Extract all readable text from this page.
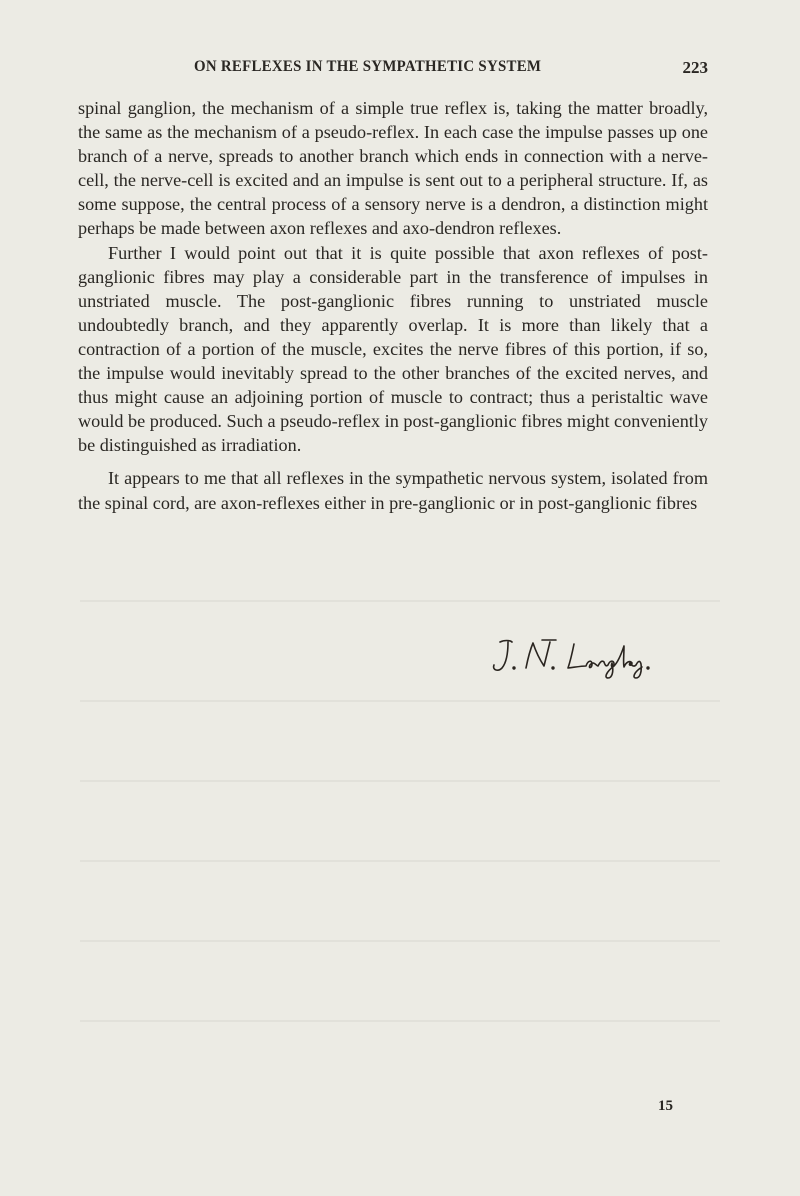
ON REFLEXES IN THE SYMPATHETIC SYSTEM	223

spinal ganglion, the mechanism of a simple true reflex is, taking the matter broadly, the same as the mechanism of a pseudo-reflex. In each case the impulse passes up one branch of a nerve, spreads to another branch which ends in connection with a nerve-cell, the nerve-cell is excited and an impulse is sent out to a peripheral structure. If, as some suppose, the central process of a sensory nerve is a dendron, a distinction might perhaps be made between axon reflexes and axo-dendron reflexes.

Further I would point out that it is quite possible that axon reflexes of post-ganglionic fibres may play a considerable part in the transference of impulses in unstriated muscle. The post-ganglionic fibres running to unstriated muscle undoubtedly branch, and they apparently overlap. It is more than likely that a contraction of a portion of the muscle, excites the nerve fibres of this portion, if so, the impulse would inevitably spread to the other branches of the excited nerves, and thus might cause an adjoining portion of muscle to contract; thus a peristaltic wave would be produced. Such a pseudo-reflex in post-ganglionic fibres might conveniently be distinguished as irradiation.

It appears to me that all reflexes in the sympathetic nervous system, isolated from the spinal cord, are axon-reflexes either in pre-ganglionic or in post-ganglionic fibres

15
